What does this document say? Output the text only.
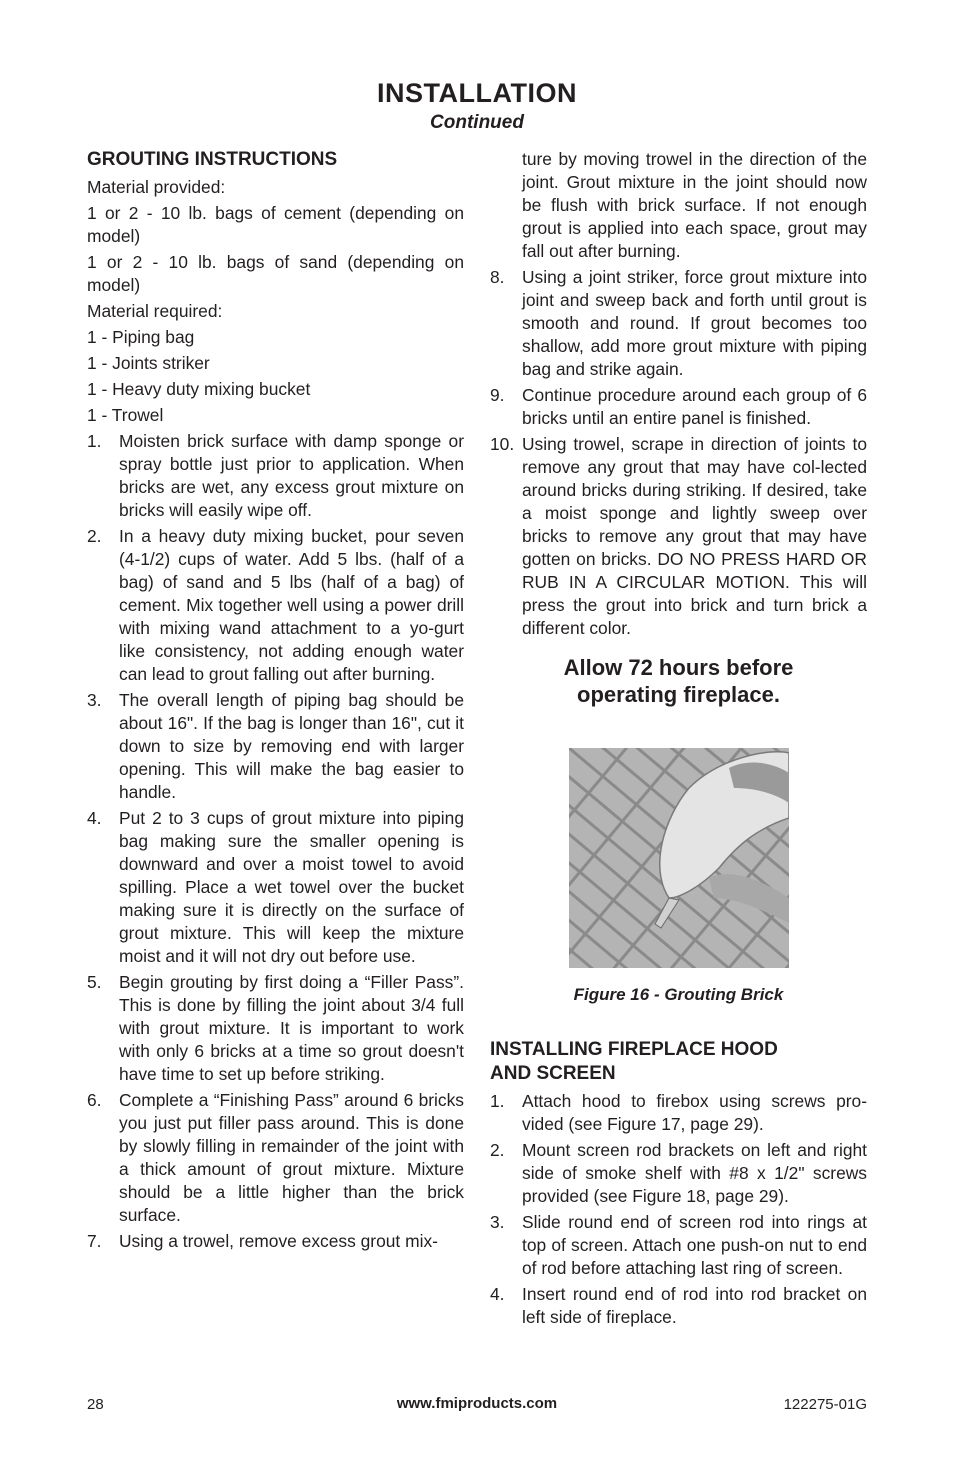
INSTALLATION
Continued
GROUTING INSTRUCTIONS
Material provided:
1 or 2 - 10 lb. bags of cement (depending on model)
1 or 2 - 10 lb. bags of sand (depending on model)
Material required:
1 - Piping bag
1 - Joints striker
1 - Heavy duty mixing bucket
1 - Trowel
1. Moisten brick surface with damp sponge or spray bottle just prior to application. When bricks are wet, any excess grout mixture on bricks will easily wipe off.
2. In a heavy duty mixing bucket, pour seven (4-1/2) cups of water. Add 5 lbs. (half of a bag) of sand and 5 lbs (half of a bag) of cement. Mix together well using a power drill with mixing wand attachment to a yo-gurt like consistency, not adding enough water can lead to grout falling out after burning.
3. The overall length of piping bag should be about 16". If the bag is longer than 16", cut it down to size by removing end with larger opening. This will make the bag easier to handle.
4. Put 2 to 3 cups of grout mixture into piping bag making sure the smaller opening is downward and over a moist towel to avoid spilling. Place a wet towel over the bucket making sure it is directly on the surface of grout mixture. This will keep the mixture moist and it will not dry out before use.
5. Begin grouting by first doing a “Filler Pass”. This is done by filling the joint about 3/4 full with grout mixture. It is important to work with only 6 bricks at a time so grout doesn't have time to set up before striking.
6. Complete a “Finishing Pass” around 6 bricks you just put filler pass around. This is done by slowly filling in remainder of the joint with a thick amount of grout mixture. Mixture should be a little higher than the brick surface.
7. Using a trowel, remove excess grout mix-
ture by moving trowel in the direction of the joint. Grout mixture in the joint should now be flush with brick surface. If not enough grout is applied into each space, grout may fall out after burning.
8. Using a joint striker, force grout mixture into joint and sweep back and forth until grout is smooth and round. If grout becomes too shallow, add more grout mixture with piping bag and strike again.
9. Continue procedure around each group of 6 bricks until an entire panel is finished.
10. Using trowel, scrape in direction of joints to remove any grout that may have col-lected around bricks during striking. If desired, take a moist sponge and lightly sweep over bricks to remove any grout that may have gotten on bricks. DO NO PRESS HARD OR RUB IN A CIRCULAR MOTION. This will press the grout into brick and turn brick a different color.
Allow 72 hours before
operating fireplace.
Figure 16 - Grouting Brick
INSTALLING FIREPLACE HOOD
AND SCREEN
1. Attach hood to firebox using screws pro-vided (see Figure 17, page 29).
2. Mount screen rod brackets on left and right side of smoke shelf with #8 x 1/2" screws provided (see Figure 18, page 29).
3. Slide round end of screen rod into rings at top of screen. Attach one push-on nut to end of rod before attaching last ring of screen.
4. Insert round end of rod into rod bracket on left side of fireplace.
28	www.fmiproducts.com	122275-01G
